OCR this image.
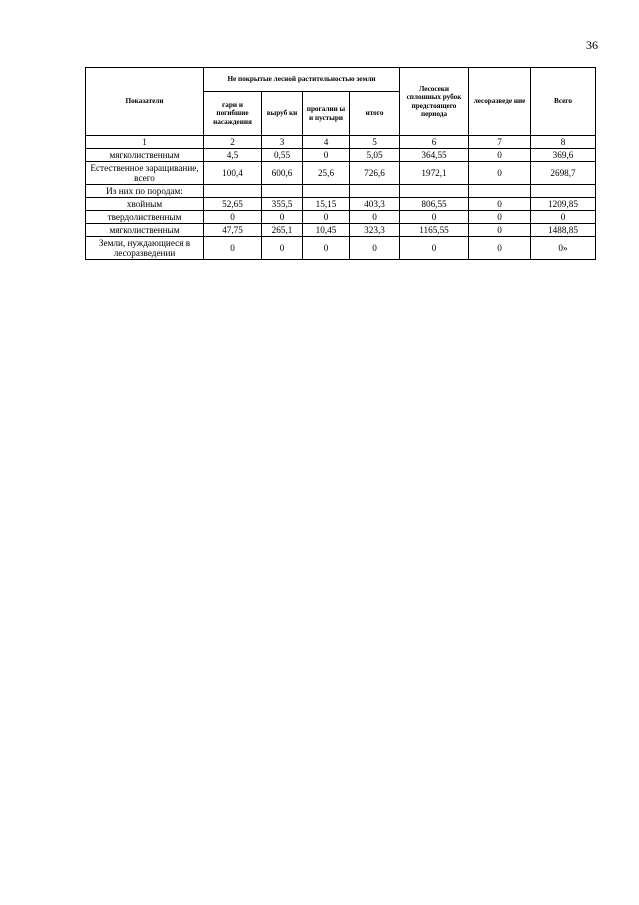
36
Показатели	Не покрытые лесной растительностью земли				Лесосеки сплошных рубок предстоящего периода	лесоразведе ние	Всего
	гари и погибшие насаждения	выруб ки	прогалин ы и пустыри	итого			
1	2	3	4	5	6	7	8
мягколиственным	4,5	0,55	0	5,05	364,55	0	369,6
Естественное заращивание, всего	100,4	600,6	25,6	726,6	1972,1	0	2698,7
Из них по породам:							
хвойным	52,65	355,5	15,15	403,3	806,55	0	1209,85
твердолиственным	0	0	0	0	0	0	0
мягколиственным	47,75	265,1	10,45	323,3	1165,55	0	1488,85
Земли, нуждающиеся в лесоразведении	0	0	0	0	0	0	0»
